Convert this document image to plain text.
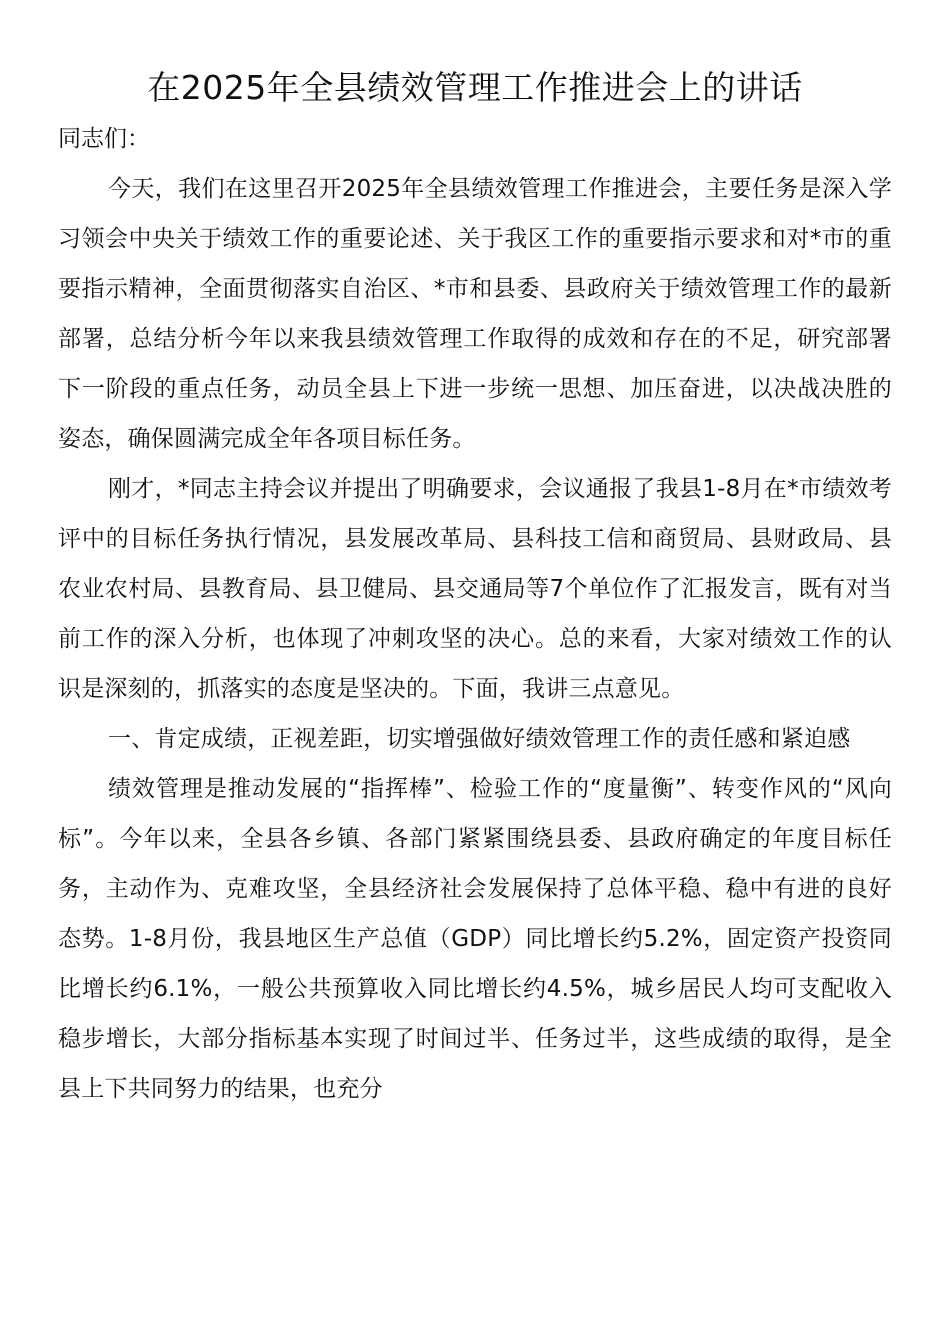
在2025年全县绩效管理工作推进会上的讲话

同志们：

今天，我们在这里召开2025年全县绩效管理工作推进会，主要任务是深入学习领会中央关于绩效工作的重要论述、关于我区工作的重要指示要求和对*市的重要指示精神，全面贯彻落实自治区、*市和县委、县政府关于绩效管理工作的最新部署，总结分析今年以来我县绩效管理工作取得的成效和存在的不足，研究部署下一阶段的重点任务，动员全县上下进一步统一思想、加压奋进，以决战决胜的姿态，确保圆满完成全年各项目标任务。

刚才，*同志主持会议并提出了明确要求，会议通报了我县1-8月在*市绩效考评中的目标任务执行情况，县发展改革局、县科技工信和商贸局、县财政局、县农业农村局、县教育局、县卫健局、县交通局等7个单位作了汇报发言，既有对当前工作的深入分析，也体现了冲刺攻坚的决心。总的来看，大家对绩效工作的认识是深刻的，抓落实的态度是坚决的。下面，我讲三点意见。

一、肯定成绩，正视差距，切实增强做好绩效管理工作的责任感和紧迫感

绩效管理是推动发展的“指挥棒”、检验工作的“度量衡”、转变作风的“风向标”。今年以来，全县各乡镇、各部门紧紧围绕县委、县政府确定的年度目标任务，主动作为、克难攻坚，全县经济社会发展保持了总体平稳、稳中有进的良好态势。1-8月份，我县地区生产总值（GDP）同比增长约5.2%，固定资产投资同比增长约6.1%，一般公共预算收入同比增长约4.5%，城乡居民人均可支配收入稳步增长，大部分指标基本实现了时间过半、任务过半，这些成绩的取得，是全县上下共同努力的结果，也充分
